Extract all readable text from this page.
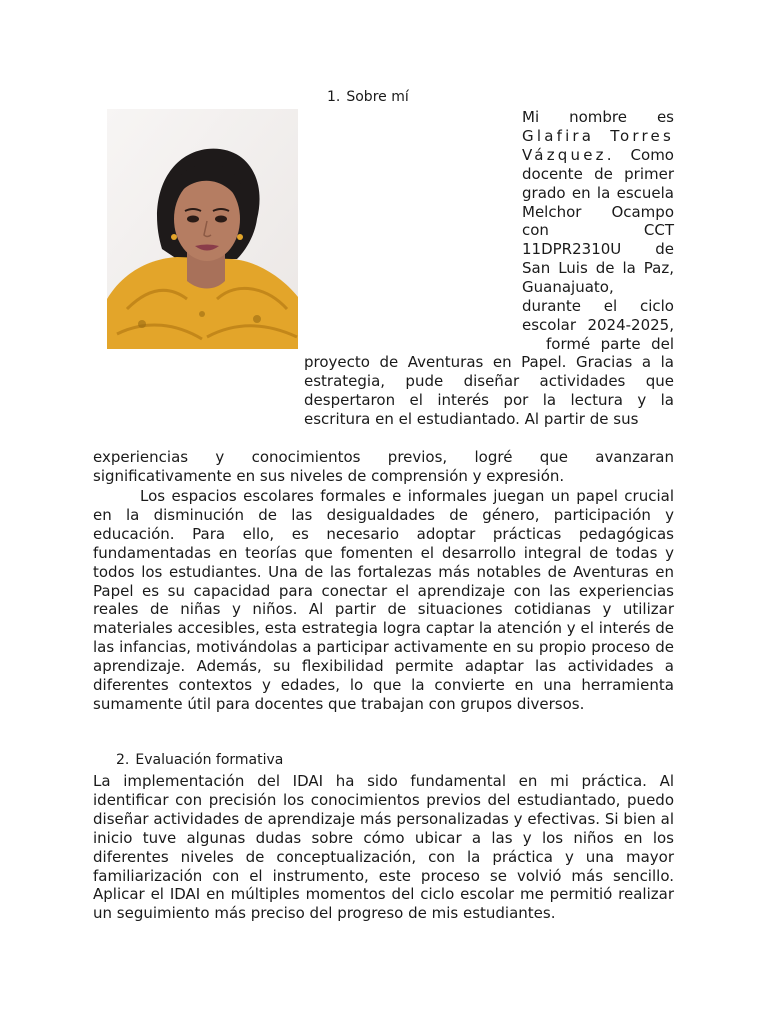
1. Sobre mí
Mi nombre es
Glafira Torres
Vázquez. Como
docente de primer
grado en la escuela
Melchor Ocampo
con CCT
11DPR2310U de
San Luis de la Paz,
Guanajuato,
durante el ciclo
escolar 2024-2025,
formé parte del

proyecto de Aventuras en Papel. Gracias a la estrategia, pude diseñar actividades que despertaron el interés por la lectura y la escritura en el estudiantado. Al partir de sus

experiencias y conocimientos previos, logré que avanzaran significativamente en sus niveles de comprensión y expresión.

Los espacios escolares formales e informales juegan un papel crucial en la disminución de las desigualdades de género, participación y educación. Para ello, es necesario adoptar prácticas pedagógicas fundamentadas en teorías que fomenten el desarrollo integral de todas y todos los estudiantes. Una de las fortalezas más notables de Aventuras en Papel es su capacidad para conectar el aprendizaje con las experiencias reales de niñas y niños. Al partir de situaciones cotidianas y utilizar materiales accesibles, esta estrategia logra captar la atención y el interés de las infancias, motivándolas a participar activamente en su propio proceso de aprendizaje. Además, su flexibilidad permite adaptar las actividades a diferentes contextos y edades, lo que la convierte en una herramienta sumamente útil para docentes que trabajan con grupos diversos.

2. Evaluación formativa

La implementación del IDAI ha sido fundamental en mi práctica. Al identificar con precisión los conocimientos previos del estudiantado, puedo diseñar actividades de aprendizaje más personalizadas y efectivas. Si bien al inicio tuve algunas dudas sobre cómo ubicar a las y los niños en los diferentes niveles de conceptualización, con la práctica y una mayor familiarización con el instrumento, este proceso se volvió más sencillo. Aplicar el IDAI en múltiples momentos del ciclo escolar me permitió realizar un seguimiento más preciso del progreso de mis estudiantes.
